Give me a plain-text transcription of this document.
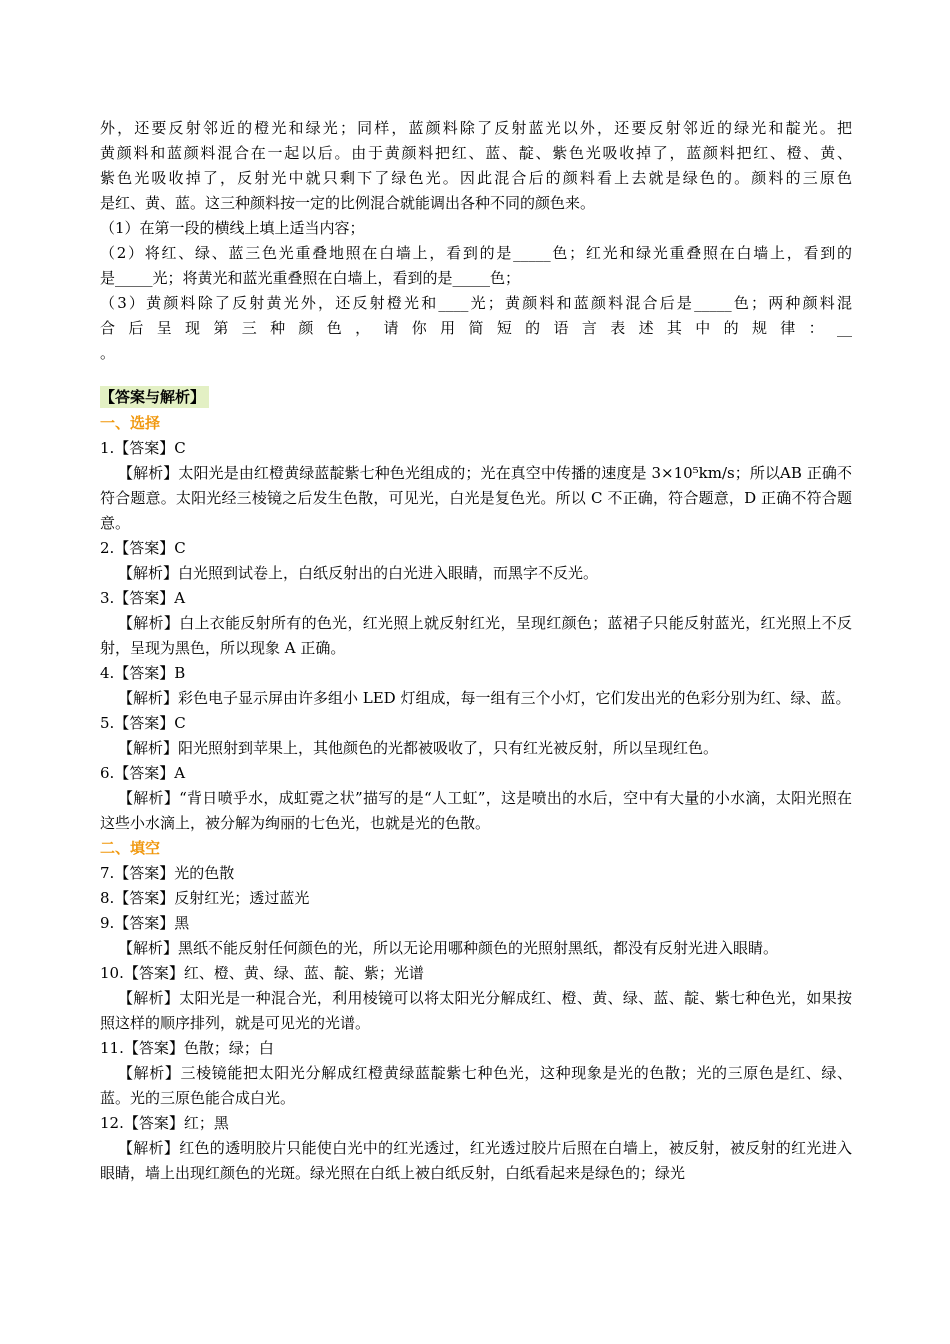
外，还要反射邻近的橙光和绿光；同样，蓝颜料除了反射蓝光以外，还要反射邻近的绿光和靛光。把

黄颜料和蓝颜料混合在一起以后。由于黄颜料把红、蓝、靛、紫色光吸收掉了，蓝颜料把红、橙、黄、

紫色光吸收掉了，反射光中就只剩下了绿色光。因此混合后的颜料看上去就是绿色的。颜料的三原色

是红、黄、蓝。这三种颜料按一定的比例混合就能调出各种不同的颜色来。

（1）在第一段的横线上填上适当内容；

（2）将红、绿、蓝三色光重叠地照在白墙上，看到的是_____色；红光和绿光重叠照在白墙上，看到的

是_____光；将黄光和蓝光重叠照在白墙上，看到的是_____色；

（3）黄颜料除了反射黄光外，还反射橙光和____光；黄颜料和蓝颜料混合后是_____色；两种颜料混

合 后 呈 现 第 三 种 颜 色 ， 请 你 用 简 短 的 语 言 表 述 其 中 的 规 律 ： __

。

【答案与解析】

一、选择

1.【答案】C

【解析】太阳光是由红橙黄绿蓝靛紫七种色光组成的；光在真空中传播的速度是 3×10⁵km/s；所以AB 正确不符合题意。太阳光经三棱镜之后发生色散，可见光，白光是复色光。所以 C 不正确，符合题意，D 正确不符合题意。

2.【答案】C

【解析】白光照到试卷上，白纸反射出的白光进入眼睛，而黑字不反光。

3.【答案】A

【解析】白上衣能反射所有的色光，红光照上就反射红光，呈现红颜色；蓝裙子只能反射蓝光，红光照上不反射，呈现为黑色，所以现象 A 正确。

4.【答案】B

【解析】彩色电子显示屏由许多组小 LED 灯组成，每一组有三个小灯，它们发出光的色彩分别为红、绿、蓝。

5.【答案】C

【解析】阳光照射到苹果上，其他颜色的光都被吸收了，只有红光被反射，所以呈现红色。

6.【答案】A

【解析】“背日喷乎水，成虹霓之状”描写的是“人工虹”，这是喷出的水后，空中有大量的小水滴，太阳光照在这些小水滴上，被分解为绚丽的七色光，也就是光的色散。

二、填空

7.【答案】光的色散

8.【答案】反射红光；透过蓝光

9.【答案】黑

【解析】黑纸不能反射任何颜色的光，所以无论用哪种颜色的光照射黑纸，都没有反射光进入眼睛。

10.【答案】红、橙、黄、绿、蓝、靛、紫；光谱

【解析】太阳光是一种混合光，利用棱镜可以将太阳光分解成红、橙、黄、绿、蓝、靛、紫七种色光，如果按照这样的顺序排列，就是可见光的光谱。

11.【答案】色散；绿；白

【解析】三棱镜能把太阳光分解成红橙黄绿蓝靛紫七种色光，这种现象是光的色散；光的三原色是红、绿、蓝。光的三原色能合成白光。

12.【答案】红；黑

【解析】红色的透明胶片只能使白光中的红光透过，红光透过胶片后照在白墙上，被反射，被反射的红光进入眼睛，墙上出现红颜色的光斑。绿光照在白纸上被白纸反射，白纸看起来是绿色的；绿光
